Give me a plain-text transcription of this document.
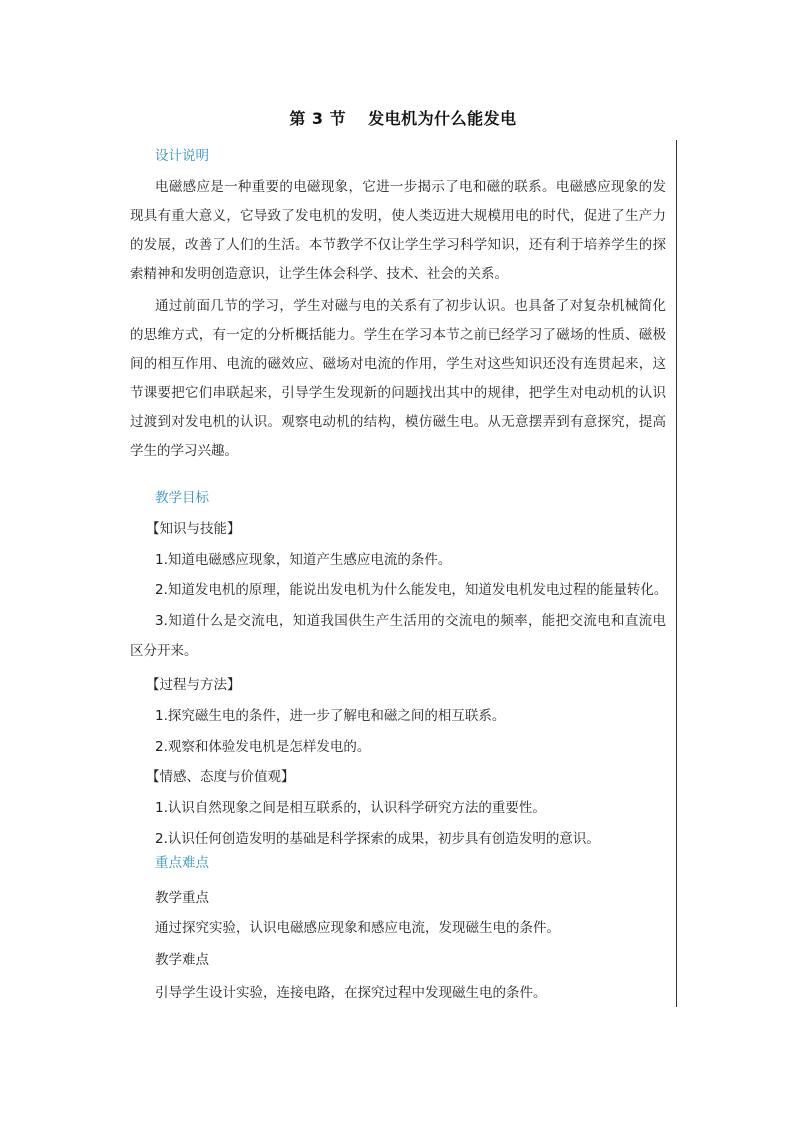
第 3 节 发电机为什么能发电
设计说明
电磁感应是一种重要的电磁现象，它进一步揭示了电和磁的联系。电磁感应现象的发现具有重大意义，它导致了发电机的发明，使人类迈进大规模用电的时代，促进了生产力的发展，改善了人们的生活。本节教学不仅让学生学习科学知识，还有利于培养学生的探索精神和发明创造意识，让学生体会科学、技术、社会的关系。
通过前面几节的学习，学生对磁与电的关系有了初步认识。也具备了对复杂机械简化的思维方式，有一定的分析概括能力。学生在学习本节之前已经学习了磁场的性质、磁极间的相互作用、电流的磁效应、磁场对电流的作用，学生对这些知识还没有连贯起来，这节课要把它们串联起来，引导学生发现新的问题找出其中的规律，把学生对电动机的认识过渡到对发电机的认识。观察电动机的结构，模仿磁生电。从无意摆弄到有意探究，提高学生的学习兴趣。
教学目标
【知识与技能】
1.知道电磁感应现象，知道产生感应电流的条件。
2.知道发电机的原理，能说出发电机为什么能发电，知道发电机发电过程的能量转化。
3.知道什么是交流电，知道我国供生产生活用的交流电的频率，能把交流电和直流电区分开来。
【过程与方法】
1.探究磁生电的条件，进一步了解电和磁之间的相互联系。
2.观察和体验发电机是怎样发电的。
【情感、态度与价值观】
1.认识自然现象之间是相互联系的，认识科学研究方法的重要性。
2.认识任何创造发明的基础是科学探索的成果，初步具有创造发明的意识。
重点难点
教学重点
通过探究实验，认识电磁感应现象和感应电流，发现磁生电的条件。
教学难点
引导学生设计实验，连接电路，在探究过程中发现磁生电的条件。
